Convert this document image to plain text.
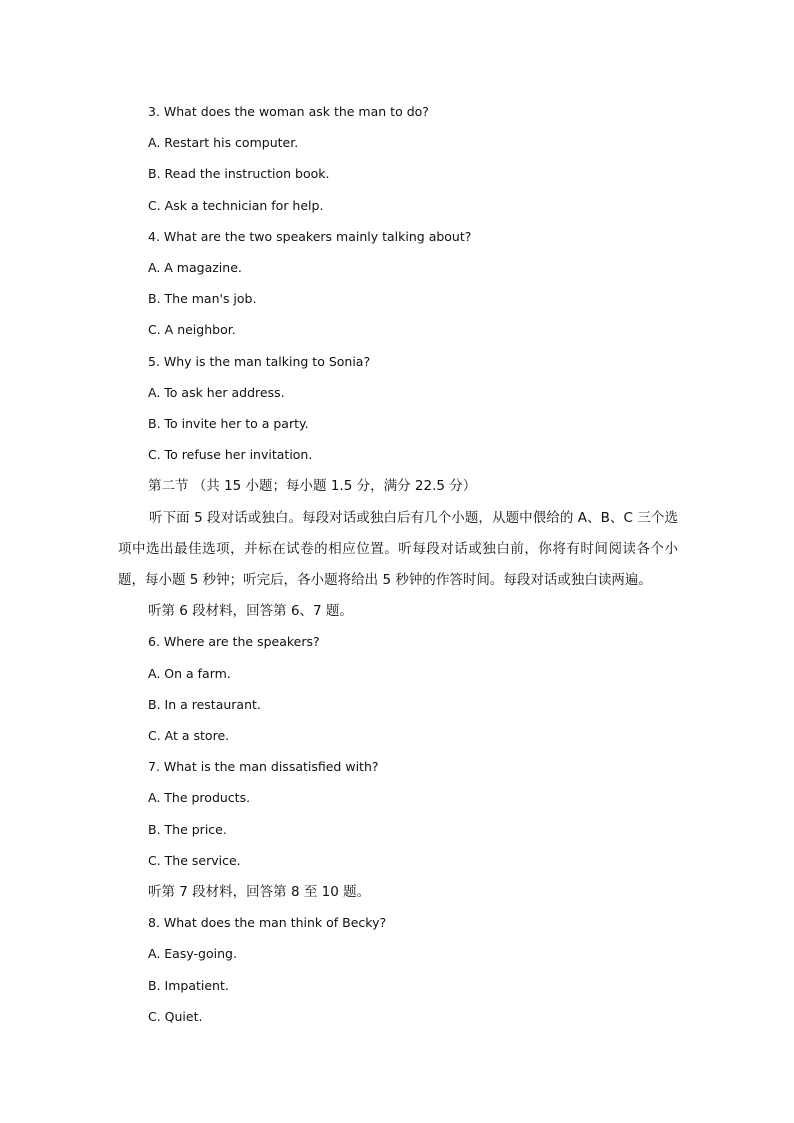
3. What does the woman ask the man to do?
A. Restart his computer.
B. Read the instruction book.
C. Ask a technician for help.
4. What are the two speakers mainly talking about?
A. A magazine.
B. The man's job.
C. A neighbor.
5. Why is the man talking to Sonia?
A. To ask her address.
B. To invite her to a party.
C. To refuse her invitation.
第二节 （共 15 小题；每小题 1.5 分，满分 22.5 分）
听下面 5 段对话或独白。每段对话或独白后有几个小题，从题中偎给的 A、B、C 三个选项中选出最佳选项，并标在试卷的相应位置。听每段对话或独白前，你将有时间阅读各个小题，每小题 5 秒钟；听完后，各小题将给出 5 秒钟的作答时间。每段对话或独白读两遍。
听第 6 段材料，回答第 6、7 题。
6. Where are the speakers?
A. On a farm.
B. In a restaurant.
C. At a store.
7. What is the man dissatisfied with?
A. The products.
B. The price.
C. The service.
听第 7 段材料，回答第 8 至 10 题。
8. What does the man think of Becky?
A. Easy-going.
B. Impatient.
C. Quiet.
